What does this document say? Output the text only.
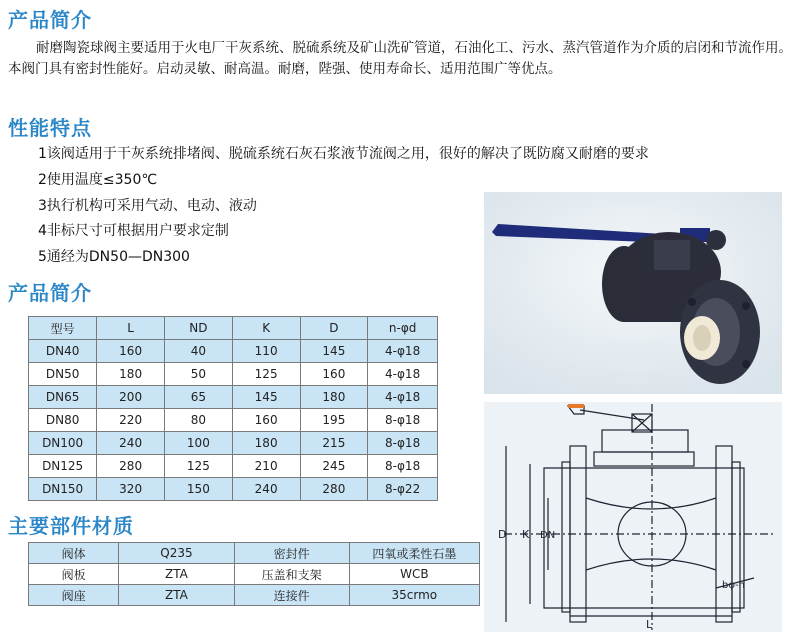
产品简介
耐磨陶瓷球阀主要适用于火电厂干灰系统、脱硫系统及矿山洗矿管道，石油化工、污水、蒸汽管道作为介质的启闭和节流作用。本阀门具有密封性能好。启动灵敏、耐高温。耐磨，陛强、使用寿命长、适用范围广等优点。
性能特点
1该阀适用于干灰系统排堵阀、脱硫系统石灰石浆液节流阀之用，很好的解决了既防腐又耐磨的要求
2使用温度≤350℃
3执行机构可采用气动、电动、液动
4非标尺寸可根据用户要求定制
5通经为DN50—DN300
产品简介
型号	L	ND	K	D	n-φd
DN40	160	40	110	145	4-φ18
DN50	180	50	125	160	4-φ18
DN65	200	65	145	180	4-φ18
DN80	220	80	160	195	8-φ18
DN100	240	100	180	215	8-φ18
DN125	280	125	210	245	8-φ18
DN150	320	150	240	280	8-φ22
主要部件材质
阀体	Q235	密封件	四氧或柔性石墨
阀板	ZTA	压盖和支架	WCB
阀座	ZTA	连接件	35crmo
D K DN
L
bφ-n
